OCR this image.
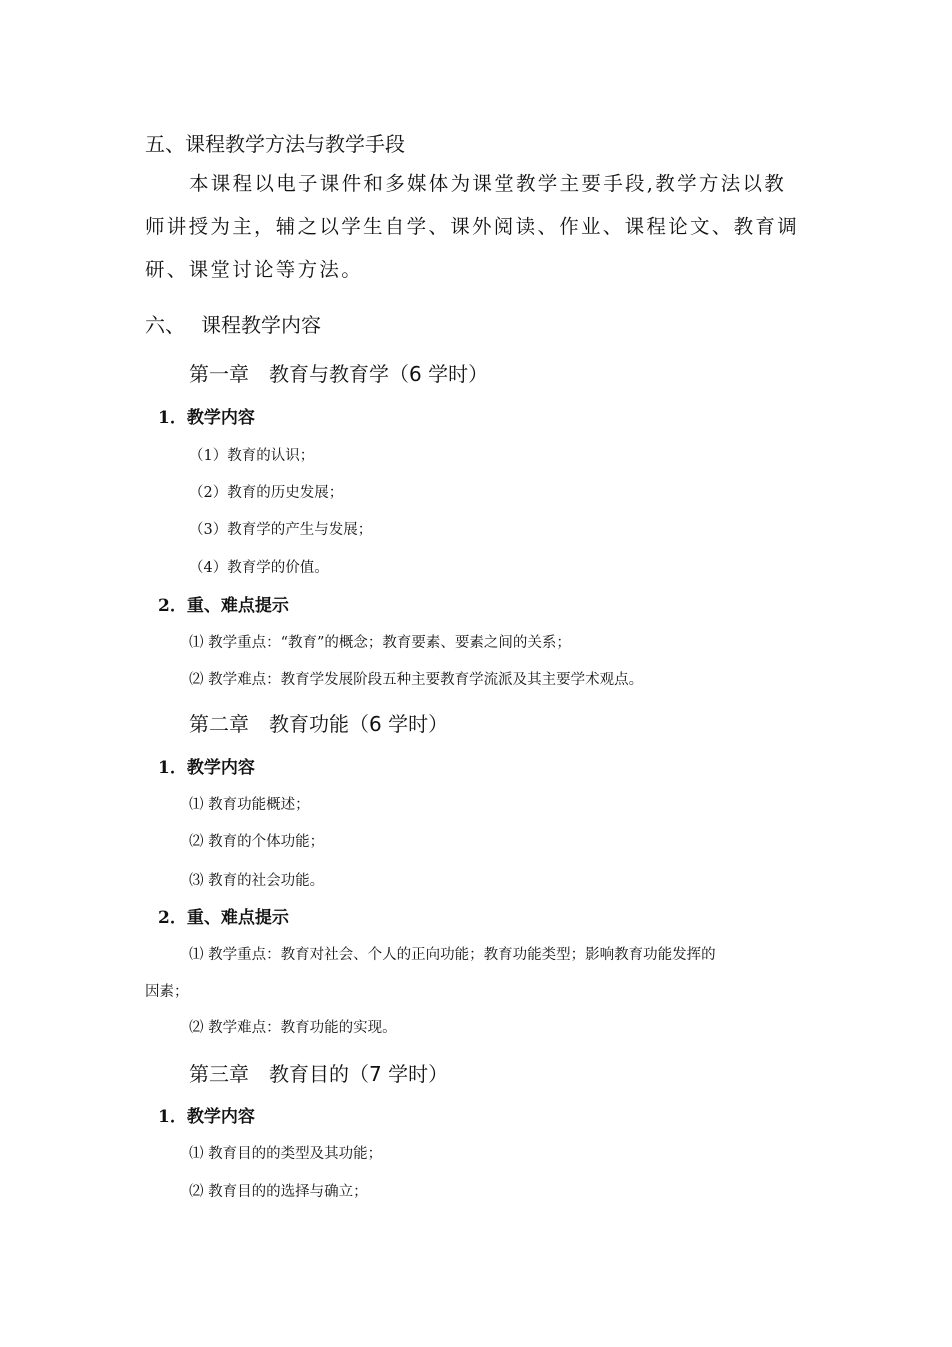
五、课程教学方法与教学手段
本课程以电子课件和多媒体为课堂教学主要手段,教学方法以教
师讲授为主，辅之以学生自学、课外阅读、作业、课程论文、教育调
研、课堂讨论等方法。
六、 课程教学内容
第一章　教育与教育学（6 学时）
1．教学内容
（1）教育的认识；
（2）教育的历史发展；
（3）教育学的产生与发展；
（4）教育学的价值。
2．重、难点提示
⑴ 教学重点：“教育”的概念；教育要素、要素之间的关系；
⑵ 教学难点：教育学发展阶段五种主要教育学流派及其主要学术观点。
第二章　教育功能（6 学时）
1．教学内容
⑴ 教育功能概述；
⑵ 教育的个体功能；
⑶ 教育的社会功能。
2．重、难点提示
⑴ 教学重点：教育对社会、个人的正向功能；教育功能类型；影响教育功能发挥的
因素；
⑵ 教学难点：教育功能的实现。
第三章　教育目的（7 学时）
1．教学内容
⑴ 教育目的的类型及其功能；
⑵ 教育目的的选择与确立；
